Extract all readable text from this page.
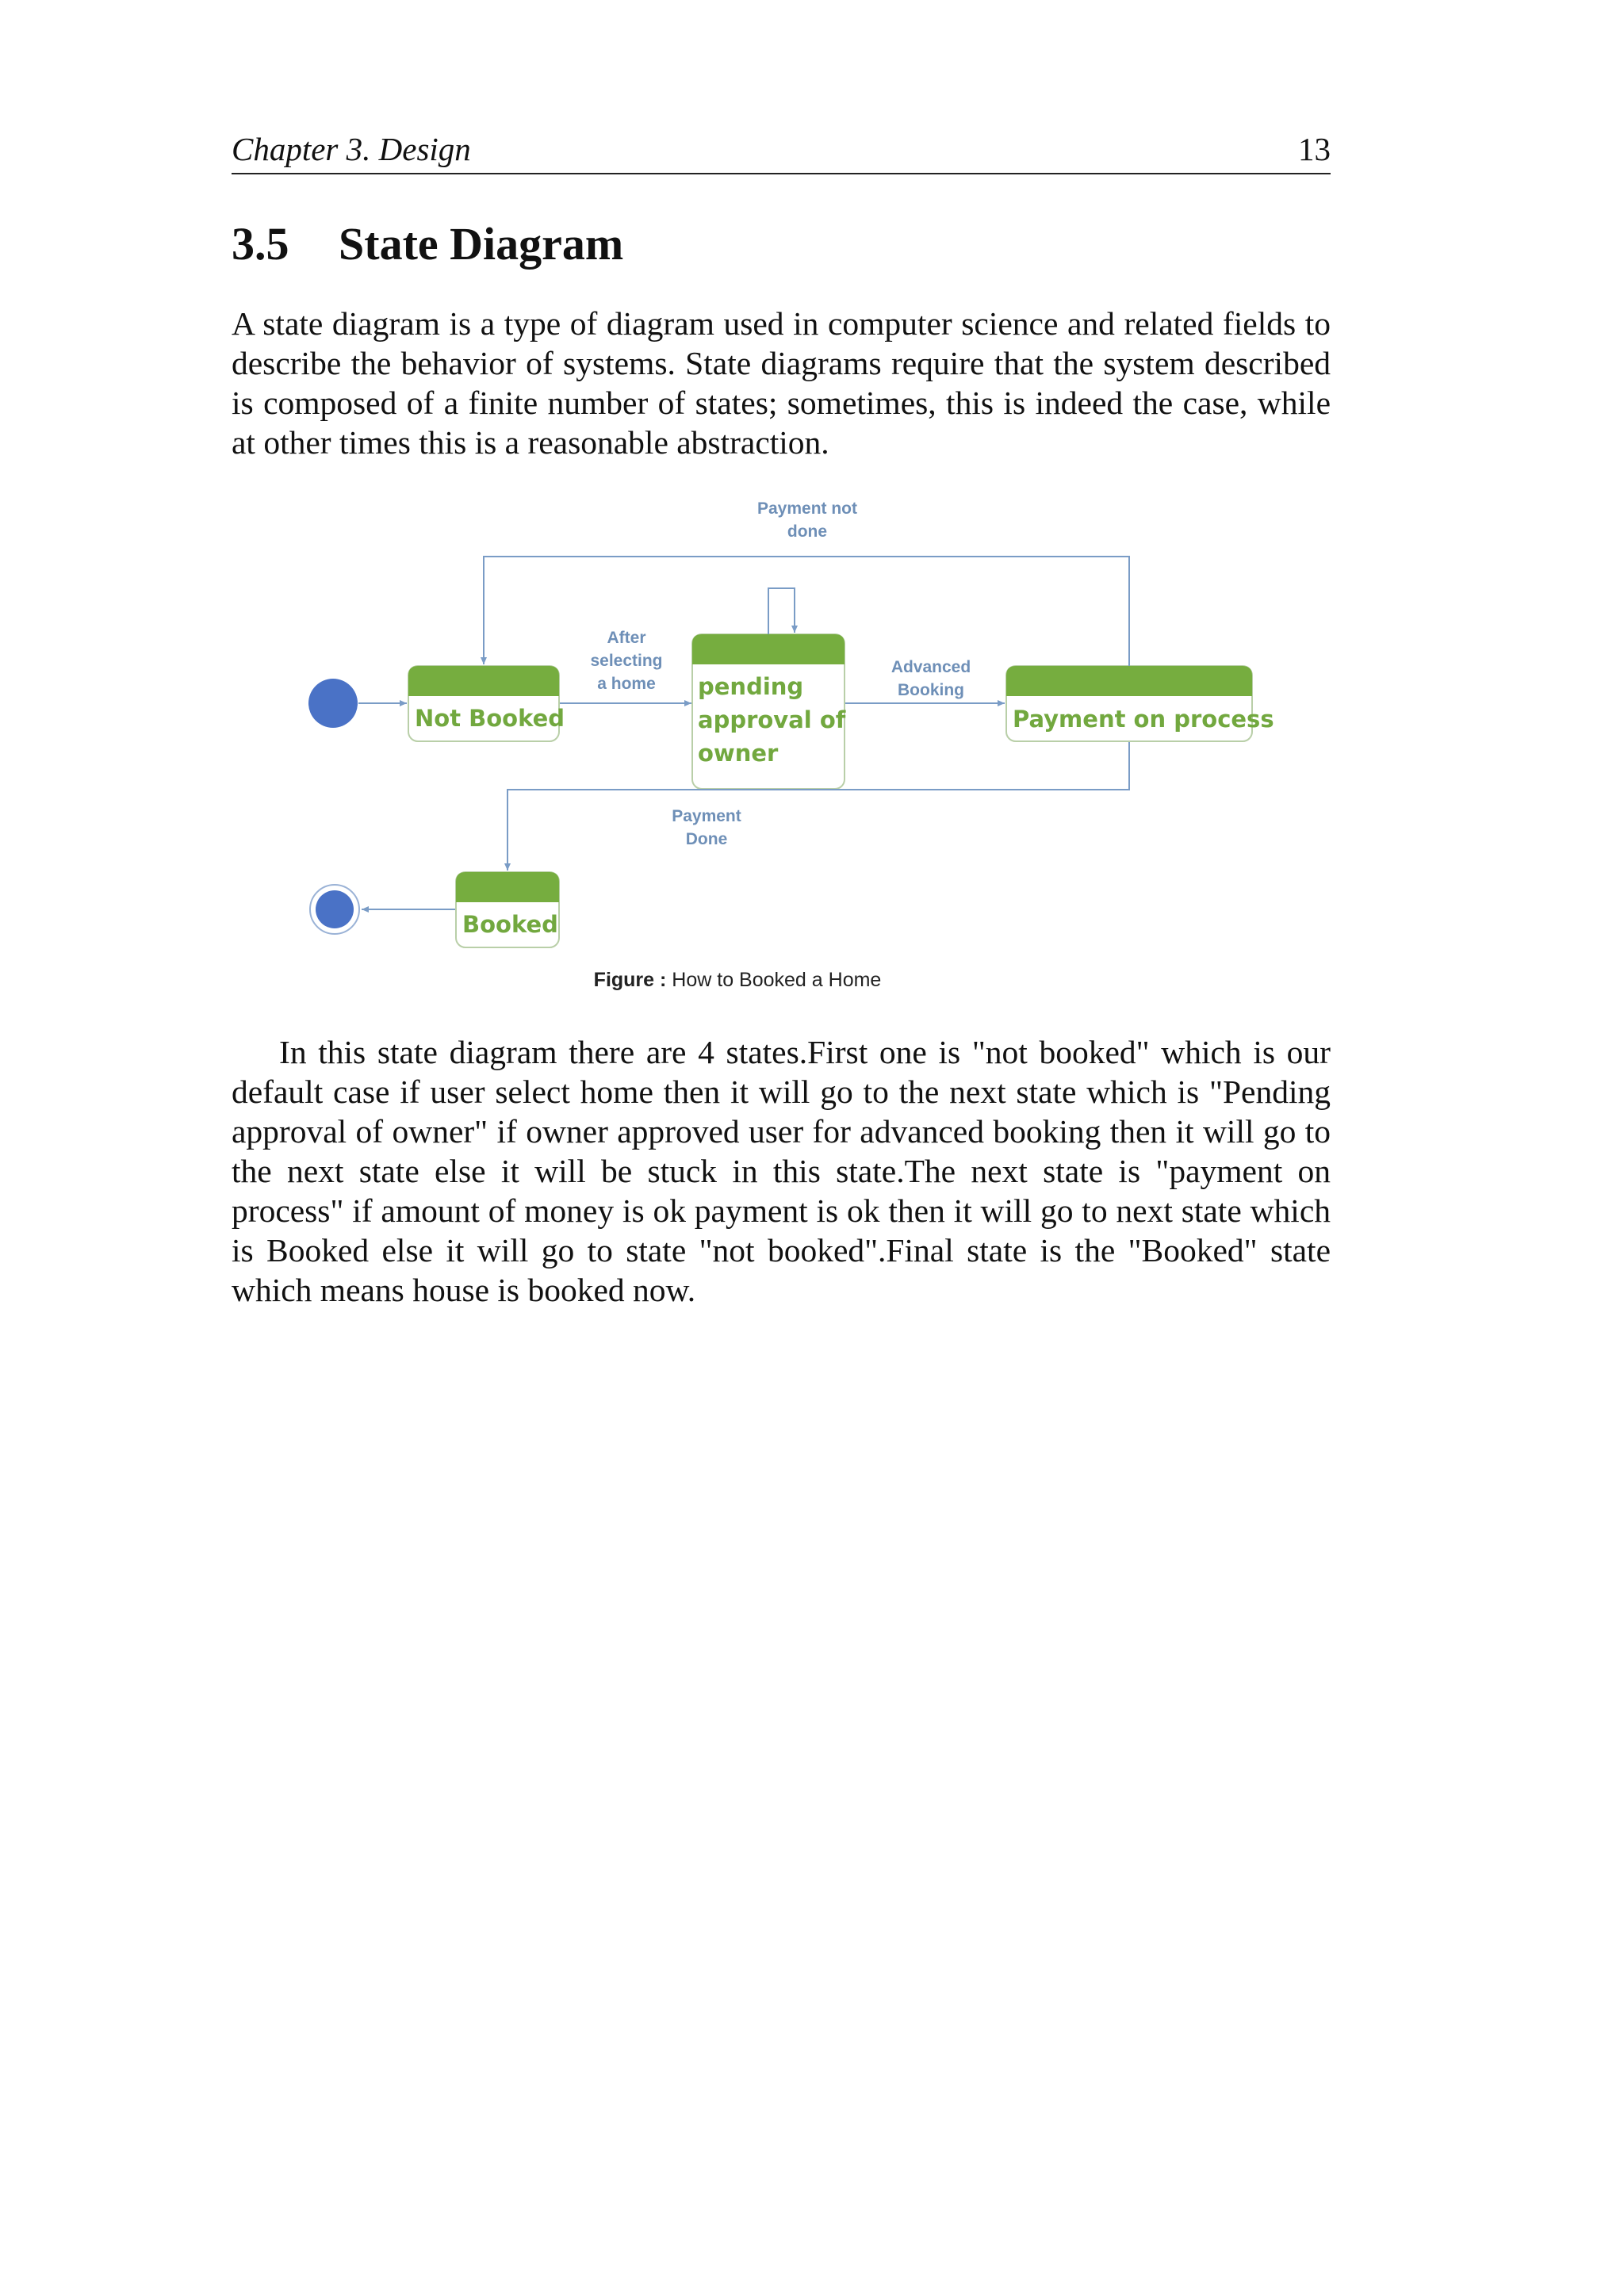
Chapter 3. Design	13
3.5 State Diagram

A state diagram is a type of diagram used in computer science and related fields to describe the behavior of systems. State diagrams require that the system described is composed of a finite number of states; sometimes, this is indeed the case, while at other times this is a reasonable abstraction.

Not Booked
After
selecting
a home pending
approval of
owner
Advanced
Booking
Payment on process
Payment not
done
Payment
Done
Booked
Figure : How to Booked a Home

In this state diagram there are 4 states.First one is "not booked" which is our default case if user select home then it will go to the next state which is "Pending approval of owner" if owner approved user for advanced booking then it will go to the next state else it will be stuck in this state.The next state is "payment on process" if amount of money is ok payment is ok then it will go to next state which is Booked else it will go to state "not booked".Final state is the "Booked" state which means house is booked now.
